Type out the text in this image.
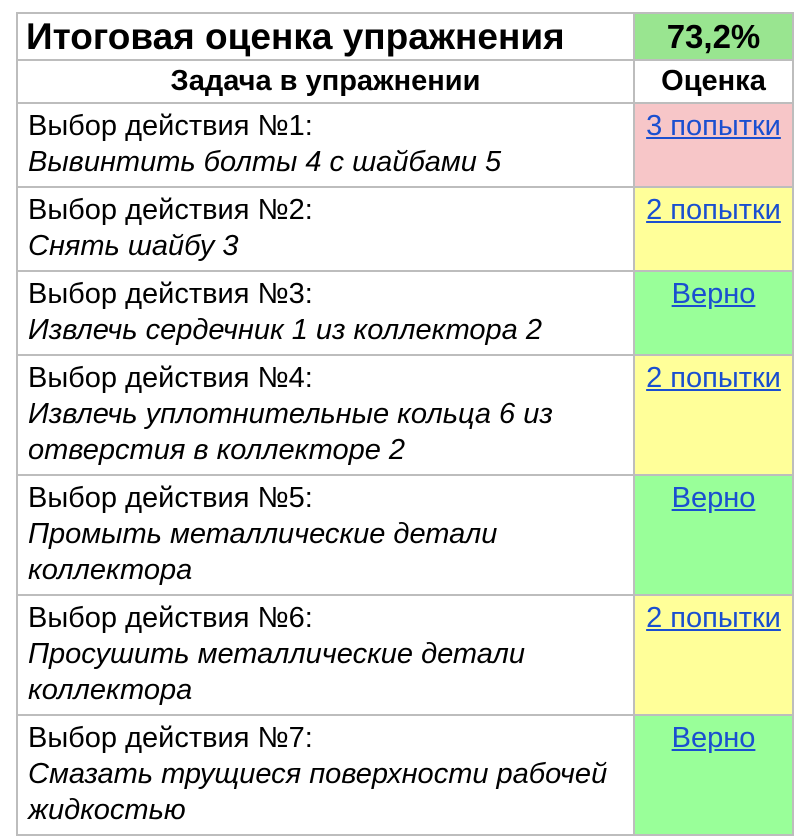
Итоговая оценка упражнения	73,2%
Задача в упражнении	Оценка

Выбор действия №1:
Вывинтить болты 4 с шайбами 5	3 попытки

Выбор действия №2:
Снять шайбу 3	2 попытки

Выбор действия №3:
Извлечь сердечник 1 из коллектора 2	Верно

Выбор действия №4:
Извлечь уплотнительные кольца 6 из отверстия в коллекторе 2	2 попытки

Выбор действия №5:
Промыть металлические детали коллектора	Верно

Выбор действия №6:
Просушить металлические детали коллектора	2 попытки

Выбор действия №7:
Смазать трущиеся поверхности рабочей жидкостью	Верно
